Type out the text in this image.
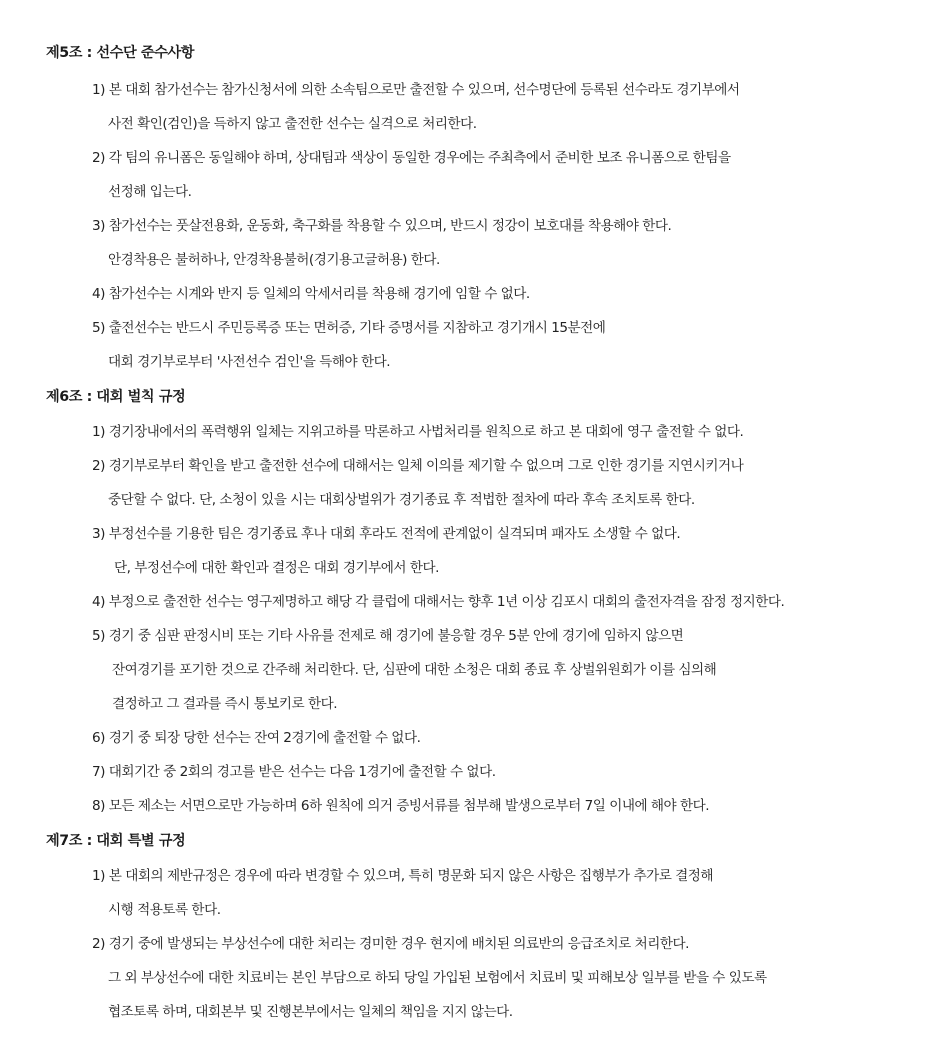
제5조 : 선수단 준수사항
1) 본 대회 참가선수는 참가신청서에 의한 소속팀으로만 출전할 수 있으며, 선수명단에 등록된 선수라도 경기부에서
사전 확인(검인)을 득하지 않고 출전한 선수는 실격으로 처리한다.
2) 각 팀의 유니폼은 동일해야 하며, 상대팀과 색상이 동일한 경우에는 주최측에서 준비한 보조 유니폼으로 한팀을
선정해 입는다.
3) 참가선수는 풋살전용화, 운동화, 축구화를 착용할 수 있으며, 반드시 정강이 보호대를 착용해야 한다.
안경착용은 불허하나, 안경착용불허(경기용고글허용) 한다.
4) 참가선수는 시계와 반지 등 일체의 악세서리를 착용해 경기에 임할 수 없다.
5) 출전선수는 반드시 주민등록증 또는 면허증, 기타 증명서를 지참하고 경기개시 15분전에
대회 경기부로부터 '사전선수 검인'을 득해야 한다.
제6조 : 대회 벌칙 규정
1) 경기장내에서의 폭력행위 일체는 지위고하를 막론하고 사법처리를 원칙으로 하고 본 대회에 영구 출전할 수 없다.
2) 경기부로부터 확인을 받고 출전한 선수에 대해서는 일체 이의를 제기할 수 없으며 그로 인한 경기를 지연시키거나
중단할 수 없다. 단, 소청이 있을 시는 대회상벌위가 경기종료 후 적법한 절차에 따라 후속 조치토록 한다.
3) 부정선수를 기용한 팀은 경기종료 후나 대회 후라도 전적에 관계없이 실격되며 패자도 소생할 수 없다.
단, 부정선수에 대한 확인과 결정은 대회 경기부에서 한다.
4) 부정으로 출전한 선수는 영구제명하고 해당 각 클럽에 대해서는 향후 1년 이상 김포시 대회의 출전자격을 잠정 정지한다.
5) 경기 중 심판 판정시비 또는 기타 사유를 전제로 해 경기에 불응할 경우 5분 안에 경기에 임하지 않으면
잔여경기를 포기한 것으로 간주해 처리한다. 단, 심판에 대한 소청은 대회 종료 후 상벌위원회가 이를 심의해
결정하고 그 결과를 즉시 통보키로 한다.
6) 경기 중 퇴장 당한 선수는 잔여 2경기에 출전할 수 없다.
7) 대회기간 중 2회의 경고를 받은 선수는 다음 1경기에 출전할 수 없다.
8) 모든 제소는 서면으로만 가능하며 6하 원칙에 의거 증빙서류를 첨부해 발생으로부터 7일 이내에 해야 한다.
제7조 : 대회 특별 규정
1) 본 대회의 제반규정은 경우에 따라 변경할 수 있으며, 특히 명문화 되지 않은 사항은 집행부가 추가로 결정해
시행 적용토록 한다.
2) 경기 중에 발생되는 부상선수에 대한 처리는 경미한 경우 현지에 배치된 의료반의 응급조치로 처리한다.
그 외 부상선수에 대한 치료비는 본인 부담으로 하되 당일 가입된 보험에서 치료비 및 피해보상 일부를 받을 수 있도록
협조토록 하며, 대회본부 및 진행본부에서는 일체의 책임을 지지 않는다.
